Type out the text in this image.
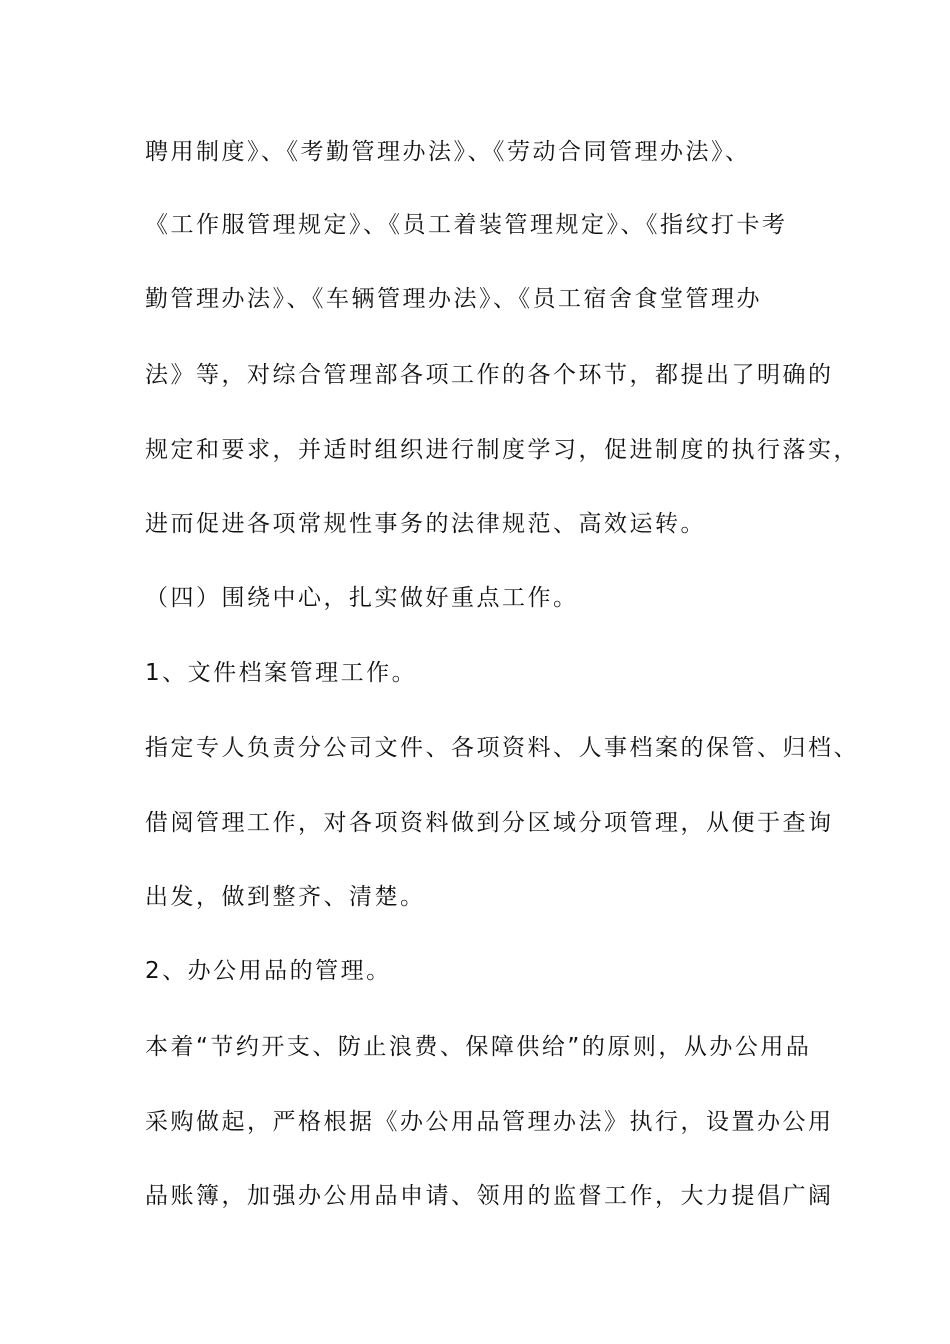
聘用制度》、《考勤管理办法》、《劳动合同管理办法》、
《工作服管理规定》、《员工着装管理规定》、《指纹打卡考
勤管理办法》、《车辆管理办法》、《员工宿舍食堂管理办
法》等，对综合管理部各项工作的各个环节，都提出了明确的
规定和要求，并适时组织进行制度学习，促进制度的执行落实，
进而促进各项常规性事务的法律规范、高效运转。
（四）围绕中心，扎实做好重点工作。
1、文件档案管理工作。
指定专人负责分公司文件、各项资料、人事档案的保管、归档、
借阅管理工作，对各项资料做到分区域分项管理，从便于查询
出发，做到整齐、清楚。
2、办公用品的管理。
本着“节约开支、防止浪费、保障供给”的原则，从办公用品
采购做起，严格根据《办公用品管理办法》执行，设置办公用
品账簿，加强办公用品申请、领用的监督工作，大力提倡广阔
